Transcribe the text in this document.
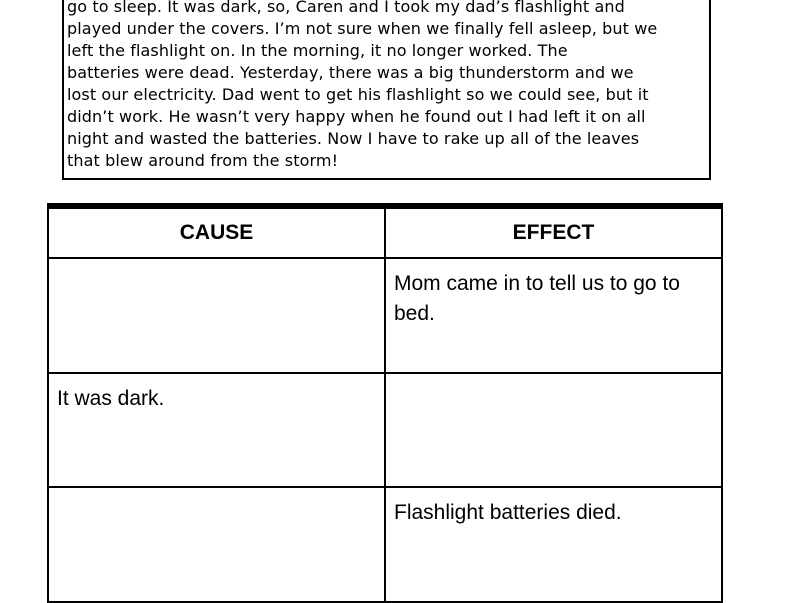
go to sleep. It was dark, so, Caren and I took my dad’s flashlight and
played under the covers. I’m not sure when we finally fell asleep, but we
left the flashlight on. In the morning, it no longer worked. The
batteries were dead. Yesterday, there was a big thunderstorm and we
lost our electricity. Dad went to get his flashlight so we could see, but it
didn’t work. He wasn’t very happy when he found out I had left it on all
night and wasted the batteries. Now I have to rake up all of the leaves
that blew around from the storm!
CAUSE	EFFECT
	Mom came in to tell us to go to bed.
It was dark.	
	Flashlight batteries died.
